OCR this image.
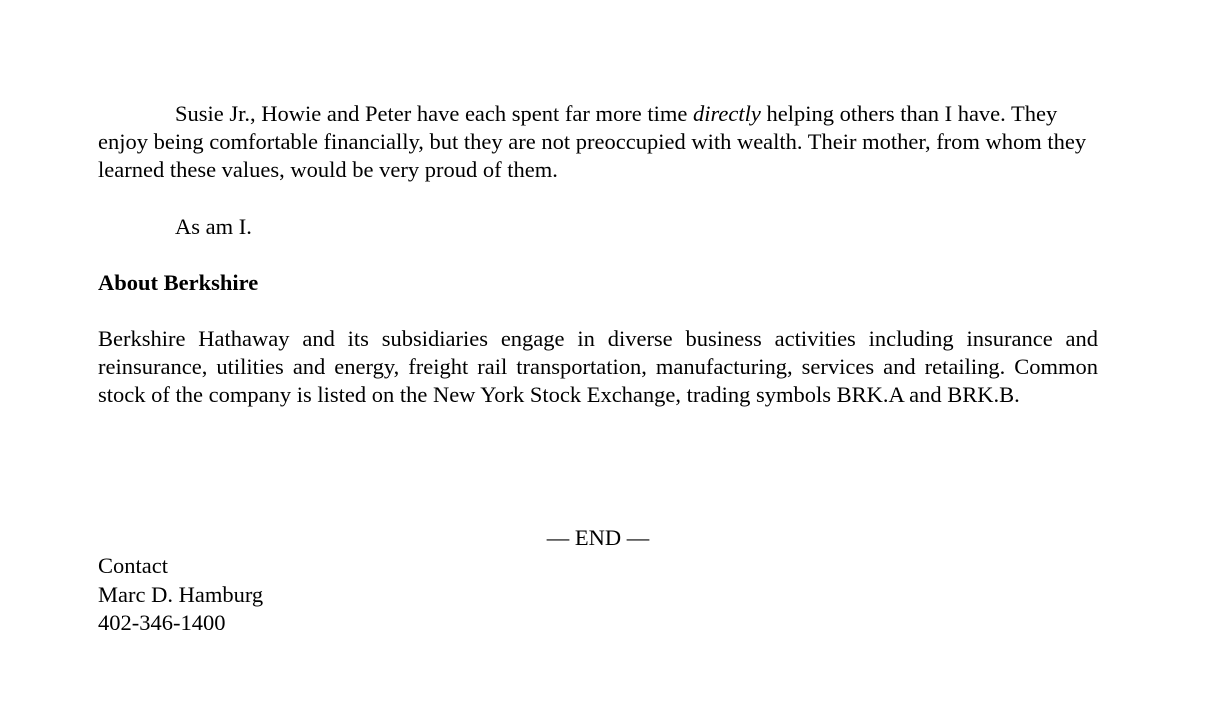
Susie Jr., Howie and Peter have each spent far more time directly helping others than I have. They enjoy being comfortable financially, but they are not preoccupied with wealth. Their mother, from whom they learned these values, would be very proud of them.

As am I.

About Berkshire

Berkshire Hathaway and its subsidiaries engage in diverse business activities including insurance and reinsurance, utilities and energy, freight rail transportation, manufacturing, services and retailing. Common stock of the company is listed on the New York Stock Exchange, trading symbols BRK.A and BRK.B.

— END —
Contact
Marc D. Hamburg
402-346-1400
